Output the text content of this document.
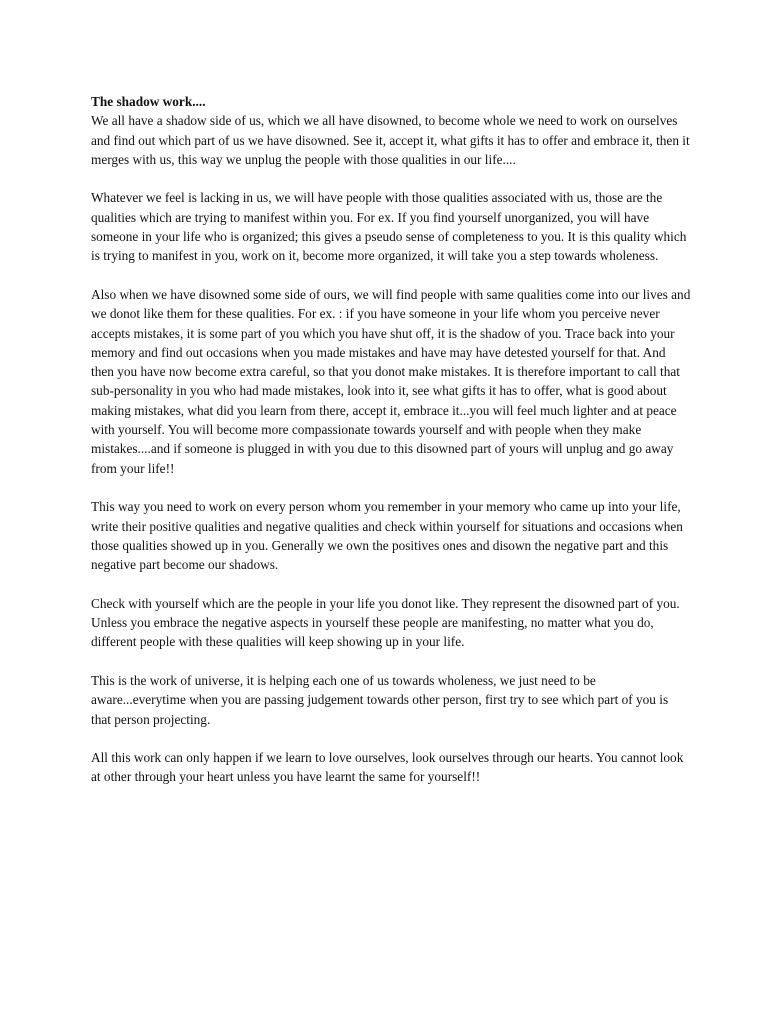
The shadow work....

We all have a shadow side of us, which we all have disowned, to become whole we need to work on ourselves and find out which part of us we have disowned. See it, accept it, what gifts it has to offer and embrace it, then it merges with us, this way we unplug the people with those qualities in our life....

Whatever we feel is lacking in us, we will have people with those qualities associated with us, those are the qualities which are trying to manifest within you. For ex. If you find yourself unorganized, you will have someone in your life who is organized; this gives a pseudo sense of completeness to you. It is this quality which is trying to manifest in you, work on it, become more organized, it will take you a step towards wholeness.

Also when we have disowned some side of ours, we will find people with same qualities come into our lives and we donot like them for these qualities. For ex. : if you have someone in your life whom you perceive never accepts mistakes, it is some part of you which you have shut off, it is the shadow of you. Trace back into your memory and find out occasions when you made mistakes and have may have detested yourself for that. And then you have now become extra careful, so that you donot make mistakes. It is therefore important to call that sub-personality in you who had made mistakes, look into it, see what gifts it has to offer, what is good about making mistakes, what did you learn from there, accept it, embrace it...you will feel much lighter and at peace with yourself. You will become more compassionate towards yourself and with people when they make mistakes....and if someone is plugged in with you due to this disowned part of yours will unplug and go away from your life!!

This way you need to work on every person whom you remember in your memory who came up into your life, write their positive qualities and negative qualities and check within yourself for situations and occasions when those qualities showed up in you. Generally we own the positives ones and disown the negative part and this negative part become our shadows.

Check with yourself which are the people in your life you donot like. They represent the disowned part of you. Unless you embrace the negative aspects in yourself these people are manifesting, no matter what you do, different people with these qualities will keep showing up in your life.

This is the work of universe, it is helping each one of us towards wholeness, we just need to be aware...everytime when you are passing judgement towards other person, first try to see which part of you is that person projecting.

All this work can only happen if we learn to love ourselves, look ourselves through our hearts. You cannot look at other through your heart unless you have learnt the same for yourself!!
